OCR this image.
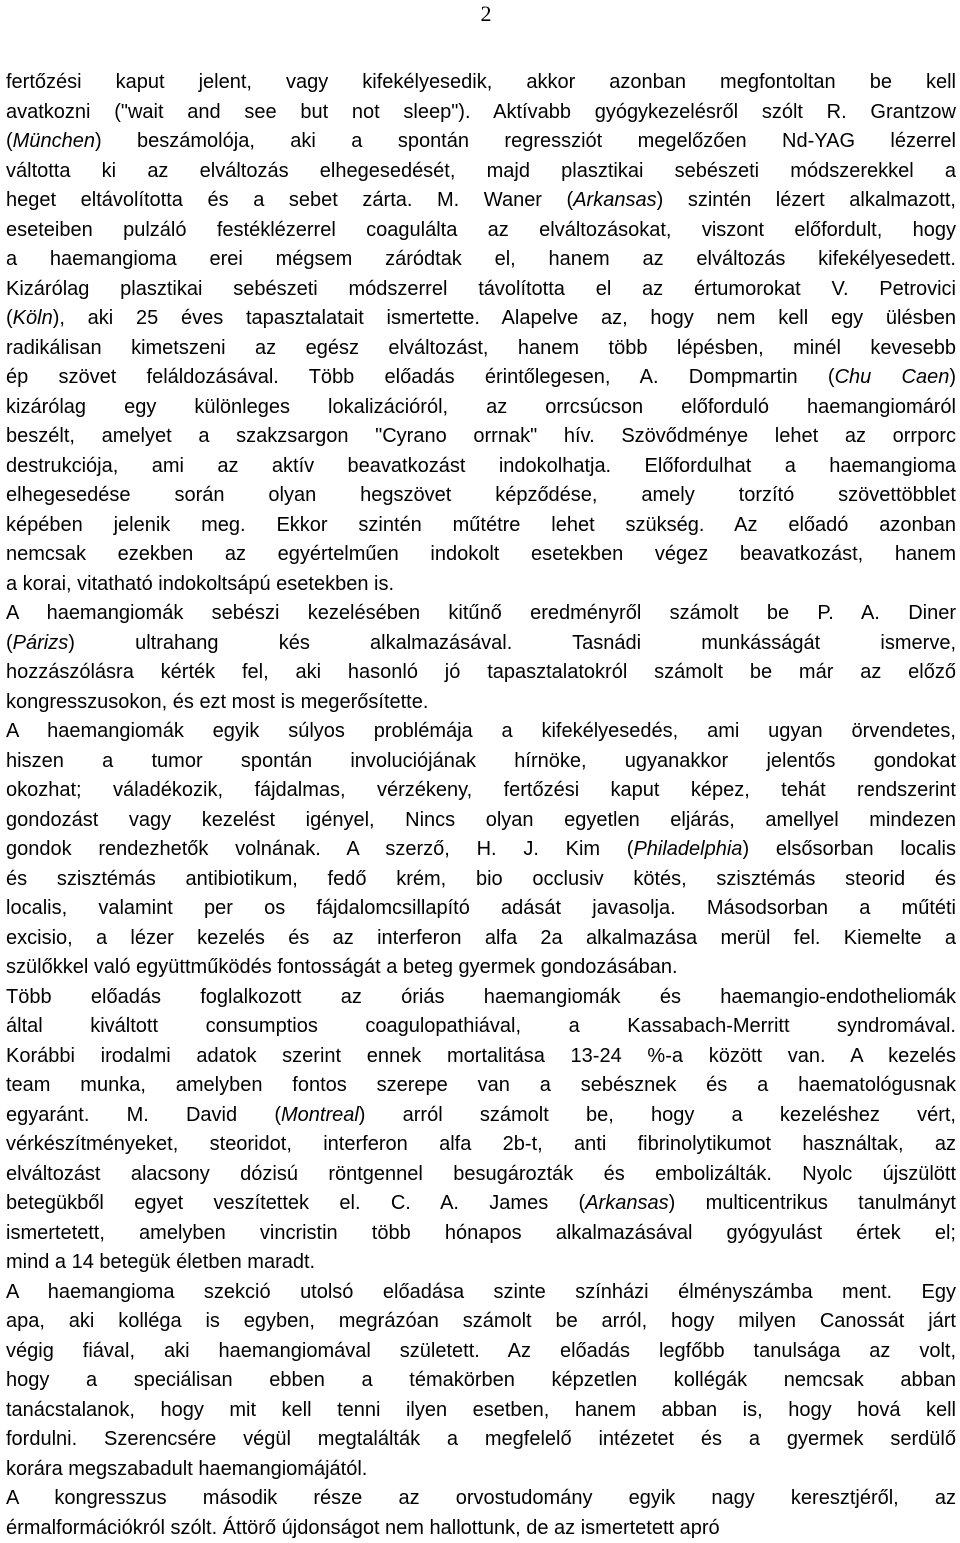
2
fertőzési kaput jelent, vagy kifekélyesedik, akkor azonban megfontoltan be kell
avatkozni ("wait and see but not sleep"). Aktívabb gyógykezelésről szólt R. Grantzow
(München) beszámolója, aki a spontán regressziót megelőzően Nd-YAG lézerrel
váltotta ki az elváltozás elhegesedését, majd plasztikai sebészeti módszerekkel a
heget eltávolította és a sebet zárta. M. Waner (Arkansas) szintén lézert alkalmazott,
eseteiben pulzáló festéklézerrel coagulálta az elváltozásokat, viszont előfordult, hogy
a haemangioma erei mégsem záródtak el, hanem az elváltozás kifekélyesedett.
Kizárólag plasztikai sebészeti módszerrel távolította el az értumorokat V. Petrovici
(Köln), aki 25 éves tapasztalatait ismertette. Alapelve az, hogy nem kell egy ülésben
radikálisan kimetszeni az egész elváltozást, hanem több lépésben, minél kevesebb
ép szövet feláldozásával. Több előadás érintőlegesen, A. Dompmartin (Chu Caen)
kizárólag egy különleges lokalizációról, az orrcsúcson előforduló haemangiomáról
beszélt, amelyet a szakzsargon "Cyrano orrnak" hív. Szövődménye lehet az orrporc
destrukciója, ami az aktív beavatkozást indokolhatja. Előfordulhat a haemangioma
elhegesedése során olyan hegszövet képződése, amely torzító szövettöbblet
képében jelenik meg. Ekkor szintén műtétre lehet szükség. Az előadó azonban
nemcsak ezekben az egyértelműen indokolt esetekben végez beavatkozást, hanem
a korai, vitatható indokoltsápú esetekben is.
A haemangiomák sebészi kezelésében kitűnő eredményről számolt be P. A. Diner
(Párizs) ultrahang kés alkalmazásával. Tasnádi munkásságát ismerve,
hozzászólásra kérték fel, aki hasonló jó tapasztalatokról számolt be már az előző
kongresszusokon, és ezt most is megerősítette.
A haemangiomák egyik súlyos problémája a kifekélyesedés, ami ugyan örvendetes,
hiszen a tumor spontán involuciójának hírnöke, ugyanakkor jelentős gondokat
okozhat; váladékozik, fájdalmas, vérzékeny, fertőzési kaput képez, tehát rendszerint
gondozást vagy kezelést igényel, Nincs olyan egyetlen eljárás, amellyel mindezen
gondok rendezhetők volnának. A szerző, H. J. Kim (Philadelphia) elsősorban localis
és szisztémás antibiotikum, fedő krém, bio occlusiv kötés, szisztémás steorid és
localis, valamint per os fájdalomcsillapító adását javasolja. Másodsorban a műtéti
excisio, a lézer kezelés és az interferon alfa 2a alkalmazása merül fel. Kiemelte a
szülőkkel való együttműködés fontosságát a beteg gyermek gondozásában.
Több előadás foglalkozott az óriás haemangiomák és haemangio-endotheliomák
által kiváltott consumptios coagulopathiával, a Kassabach-Merritt syndromával.
Korábbi irodalmi adatok szerint ennek mortalitása 13-24 %-a között van. A kezelés
team munka, amelyben fontos szerepe van a sebésznek és a haematológusnak
egyaránt. M. David (Montreal) arról számolt be, hogy a kezeléshez vért,
vérkészítményeket, steoridot, interferon alfa 2b-t, anti fibrinolytikumot használtak, az
elváltozást alacsony dózisú röntgennel besugározták és embolizálták. Nyolc újszülött
betegükből egyet veszítettek el. C. A. James (Arkansas) multicentrikus tanulmányt
ismertetett, amelyben vincristin több hónapos alkalmazásával gyógyulást értek el;
mind a 14 betegük életben maradt.
A haemangioma szekció utolsó előadása szinte színházi élményszámba ment. Egy
apa, aki kollégа is egyben, megrázóan számolt be arról, hogy milyen Canossát járt
végig fiával, aki haemangiomával született. Az előadás legfőbb tanulsága az volt,
hogy a speciálisan ebben a témakörben képzetlen kollégák nemcsak abban
tanácstalanok, hogy mit kell tenni ilyen esetben, hanem abban is, hogy hová kell
fordulni. Szerencsére végül megtalálták a megfelelő intézetet és a gyermek serdülő
korára megszabadult haemangiomájától.
A kongresszus második része az orvostudomány egyik nagy keresztjéről, az
érmalformációkról szólt. Áttörő újdonságot nem hallottunk, de az ismertetett apró
